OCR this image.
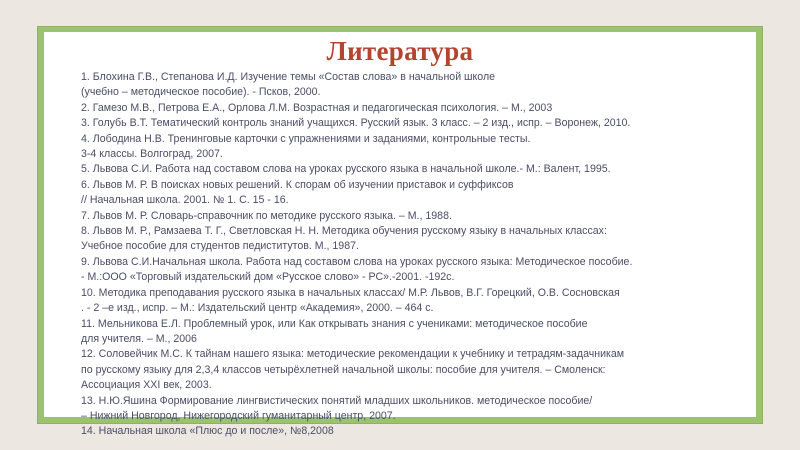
Литература
1. Блохина Г.В., Степанова И.Д. Изучение темы «Состав слова» в начальной школе
(учебно – методическое пособие). - Псков, 2000.
2. Гамезо М.В., Петрова Е.А., Орлова Л.М. Возрастная и педагогическая психология. – М., 2003
3. Голубь В.Т. Тематический контроль знаний учащихся. Русский язык. 3 класс. – 2 изд., испр. – Воронеж, 2010.
4. Лободина Н.В. Тренинговые карточки с упражнениями и заданиями, контрольные тесты.
3-4 классы. Волгоград, 2007.
5. Львова С.И. Работа над составом слова на уроках русского языка в начальной школе.- М.: Валент, 1995.
6. Львов М. Р. В поисках новых решений. К спорам об изучении приставок и суффиксов
// Начальная школа. 2001. № 1. С. 15 - 16.
7. Львов М. Р. Словарь-справочник по методике русского языка. – М., 1988.
8. Львов М. Р., Рамзаева Т. Г., Светловская Н. Н. Методика обучения русскому языку в начальных классах:
Учебное пособие для студентов педиститутов. М., 1987.
9. Львова С.И.Начальная школа. Работа над составом слова на уроках русского языка: Методическое пособие.
- М.:ООО «Торговый издательский дом «Русское слово» - РС».-2001. -192с.
10. Методика преподавания русского языка в начальных классах/ М.Р. Львов, В.Г. Горецкий, О.В. Сосновская
. - 2 –е изд., испр. – М.: Издательский центр «Академия», 2000. – 464 с.
11. Мельникова Е.Л. Проблемный урок, или Как открывать знания с учениками: методическое пособие
для учителя. – М., 2006
12. Соловейчик М.С. К тайнам нашего языка: методические рекомендации к учебнику и тетрадям-задачникам
по русскому языку для 2,3,4 классов четырёхлетней начальной школы: пособие для учителя. – Смоленск:
Ассоциация XXI век, 2003.
13. Н.Ю.Яшина Формирование лингвистических понятий младших школьников. методическое пособие/
– Нижний Новгород, Нижегородский гуманитарный центр, 2007.
14. Начальная школа «Плюс до и после», №8,2008
